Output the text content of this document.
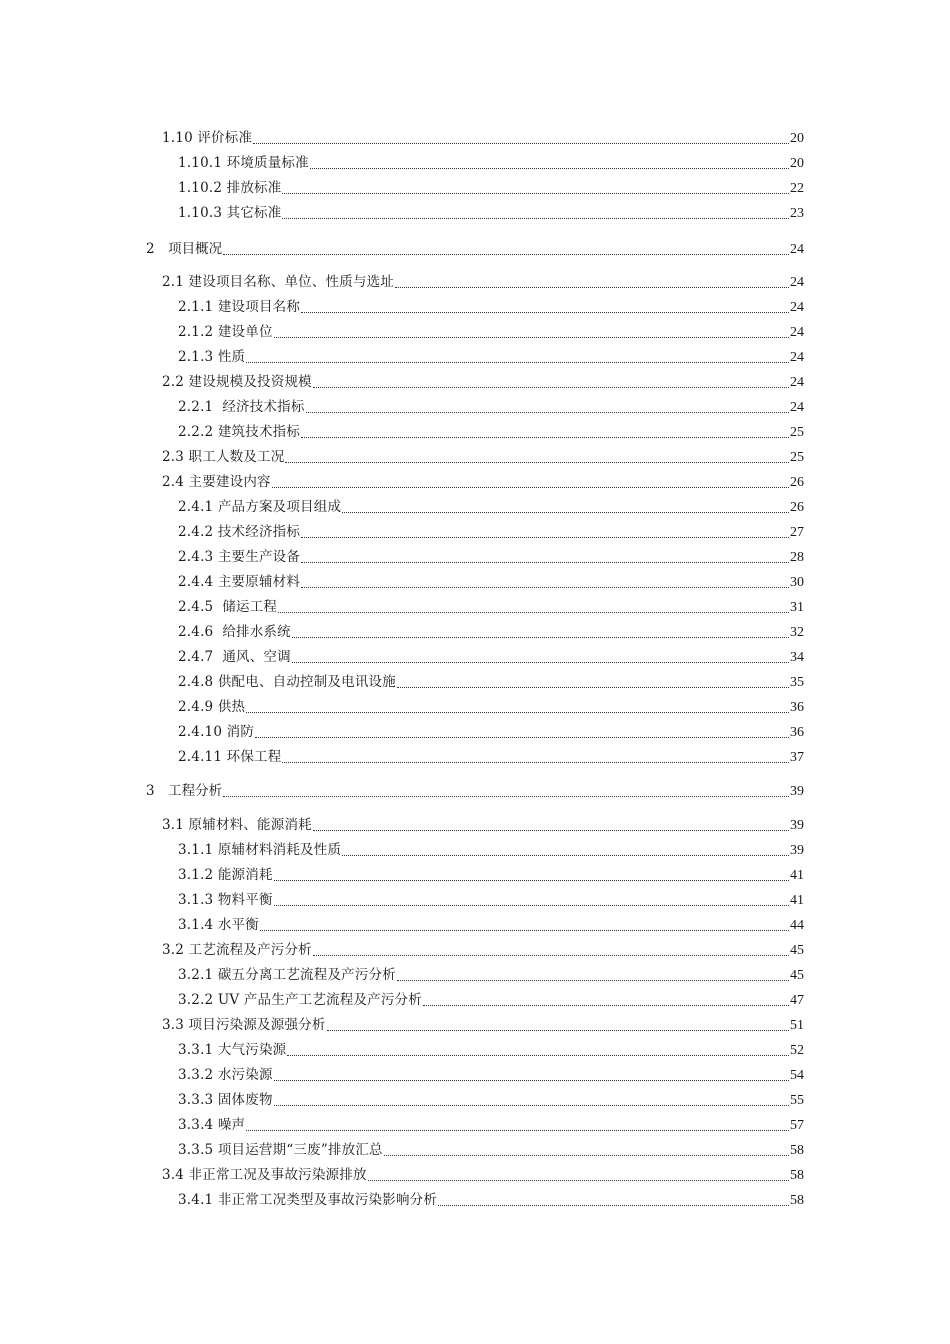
1.10 评价标准	20
1.10.1 环境质量标准	20
1.10.2 排放标准	22
1.10.3 其它标准	23
2　项目概况	24
2.1 建设项目名称、单位、性质与选址	24
2.1.1 建设项目名称	24
2.1.2 建设单位	24
2.1.3 性质	24
2.2 建设规模及投资规模	24
2.2.1  经济技术指标	24
2.2.2 建筑技术指标	25
2.3 职工人数及工况	25
2.4 主要建设内容	26
2.4.1 产品方案及项目组成	26
2.4.2 技术经济指标	27
2.4.3 主要生产设备	28
2.4.4 主要原辅材料	30
2.4.5  储运工程	31
2.4.6  给排水系统	32
2.4.7  通风、空调	34
2.4.8 供配电、自动控制及电讯设施	35
2.4.9 供热	36
2.4.10 消防	36
2.4.11 环保工程	37
3　工程分析	39
3.1 原辅材料、能源消耗	39
3.1.1 原辅材料消耗及性质	39
3.1.2 能源消耗	41
3.1.3 物料平衡	41
3.1.4 水平衡	44
3.2 工艺流程及产污分析	45
3.2.1 碳五分离工艺流程及产污分析	45
3.2.2 UV 产品生产工艺流程及产污分析	47
3.3 项目污染源及源强分析	51
3.3.1 大气污染源	52
3.3.2 水污染源	54
3.3.3 固体废物	55
3.3.4 噪声	57
3.3.5 项目运营期“三废”排放汇总	58
3.4 非正常工况及事故污染源排放	58
3.4.1 非正常工况类型及事故污染影响分析	58
